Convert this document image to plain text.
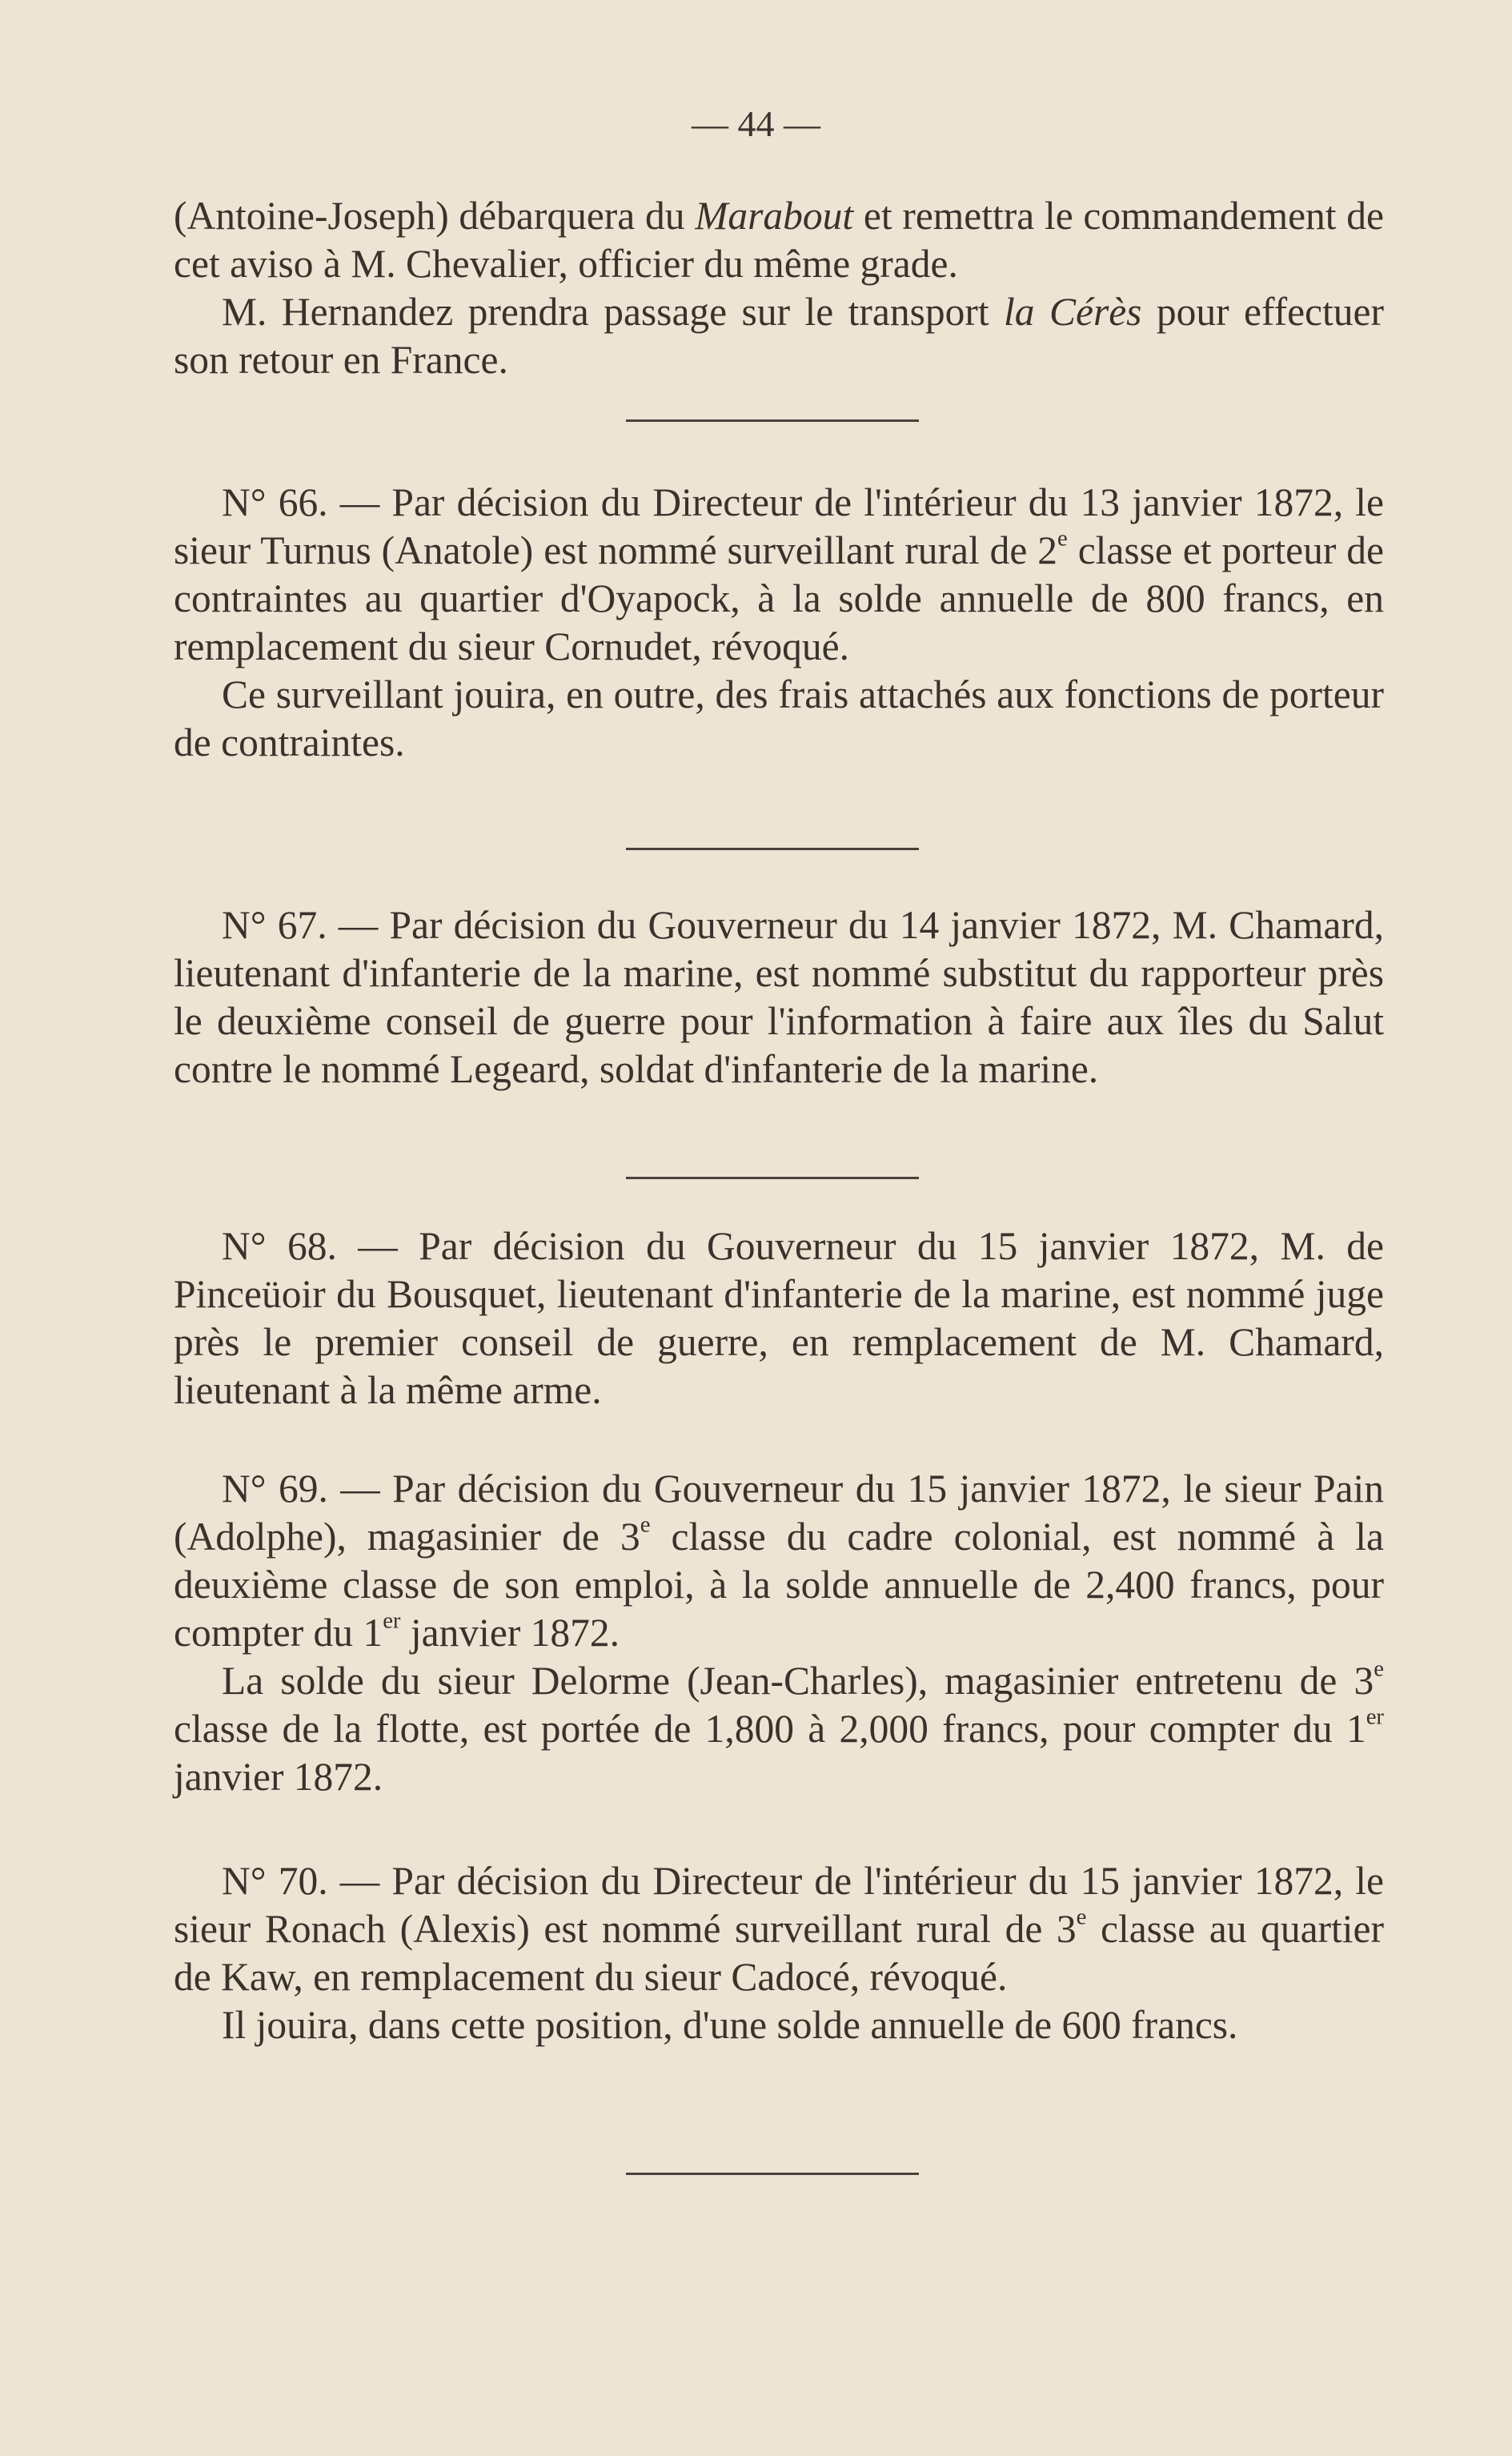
— 44 —

(Antoine-Joseph) débarquera du Marabout et remettra le commandement de cet aviso à M. Chevalier, officier du même grade.

M. Hernandez prendra passage sur le transport la Cérès pour effectuer son retour en France.

N° 66. — Par décision du Directeur de l'intérieur du 13 janvier 1872, le sieur Turnus (Anatole) est nommé surveillant rural de 2e classe et porteur de contraintes au quartier d'Oyapock, à la solde annuelle de 800 francs, en remplacement du sieur Cornudet, révoqué.

Ce surveillant jouira, en outre, des frais attachés aux fonctions de porteur de contraintes.

N° 67. — Par décision du Gouverneur du 14 janvier 1872, M. Chamard, lieutenant d'infanterie de la marine, est nommé substitut du rapporteur près le deuxième conseil de guerre pour l'information à faire aux îles du Salut contre le nommé Legeard, soldat d'infanterie de la marine.

N° 68. — Par décision du Gouverneur du 15 janvier 1872, M. de Pinceüoir du Bousquet, lieutenant d'infanterie de la marine, est nommé juge près le premier conseil de guerre, en remplacement de M. Chamard, lieutenant à la même arme.

N° 69. — Par décision du Gouverneur du 15 janvier 1872, le sieur Pain (Adolphe), magasinier de 3e classe du cadre colonial, est nommé à la deuxième classe de son emploi, à la solde annuelle de 2,400 francs, pour compter du 1er janvier 1872.

La solde du sieur Delorme (Jean-Charles), magasinier entretenu de 3e classe de la flotte, est portée de 1,800 à 2,000 francs, pour compter du 1er janvier 1872.

N° 70. — Par décision du Directeur de l'intérieur du 15 janvier 1872, le sieur Ronach (Alexis) est nommé surveillant rural de 3e classe au quartier de Kaw, en remplacement du sieur Cadocé, révoqué.

Il jouira, dans cette position, d'une solde annuelle de 600 francs.
